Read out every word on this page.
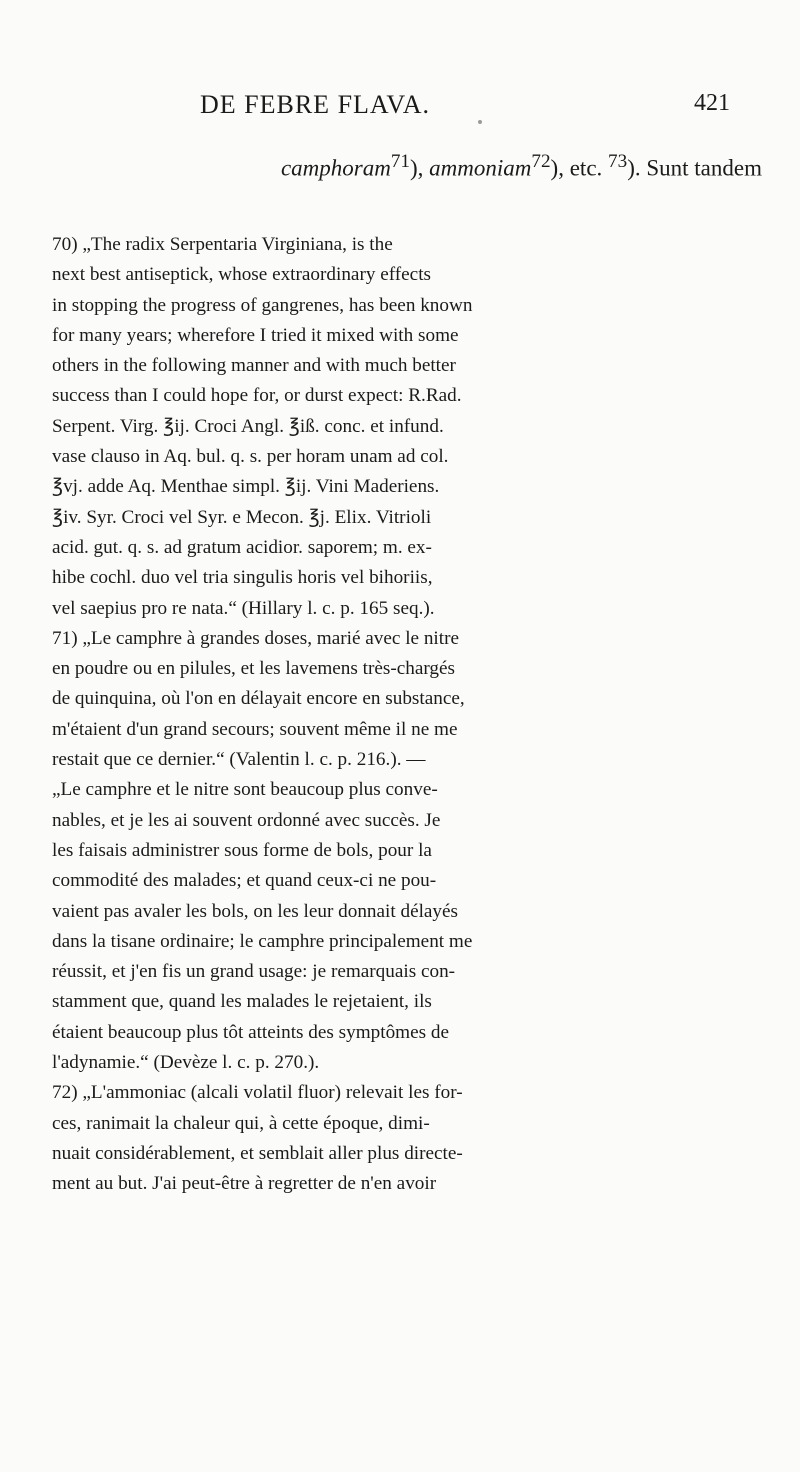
DE FEBRE FLAVA.	421

camphoram$^{71}$), ammoniam$^{72}$), etc. $^{73}$). Sunt tandem

70) „The radix Serpentaria Virginiana, is the
next best antiseptick, whose extraordinary effects
in stopping the progress of gangrenes, has been known
for many years; wherefore I tried it mixed with some
others in the following manner and with much better
success than I could hope for, or durst expect: R.Rad.
Serpent. Virg. ℥ij. Croci Angl. ℥iß. conc. et infund.
vase clauso in Aq. bul. q. s. per horam unam ad col.
℥vj. adde Aq. Menthae simpl. ℥ij. Vini Maderiens.
℥iv. Syr. Croci vel Syr. e Mecon. ℥j. Elix. Vitrioli
acid. gut. q. s. ad gratum acidior. saporem; m. ex-
hibe cochl. duo vel tria singulis horis vel bihoriis,
vel saepius pro re nata.“ (Hillary l. c. p. 165 seq.).
71) „Le camphre à grandes doses, marié avec le nitre
en poudre ou en pilules, et les lavemens très-chargés
de quinquina, où l'on en délayait encore en substance,
m'étaient d'un grand secours; souvent même il ne me
restait que ce dernier.“ (Valentin l. c. p. 216.). —
„Le camphre et le nitre sont beaucoup plus conve-
nables, et je les ai souvent ordonné avec succès. Je
les faisais administrer sous forme de bols, pour la
commodité des malades; et quand ceux-ci ne pou-
vaient pas avaler les bols, on les leur donnait délayés
dans la tisane ordinaire; le camphre principalement me
réussit, et j'en fis un grand usage: je remarquais con-
stamment que, quand les malades le rejetaient, ils
étaient beaucoup plus tôt atteints des symptômes de
l'adynamie.“ (Devèze l. c. p. 270.).
72) „L'ammoniac (alcali volatil fluor) relevait les for-
ces, ranimait la chaleur qui, à cette époque, dimi-
nuait considérablement, et semblait aller plus directe-
ment au but. J'ai peut-être à regretter de n'en avoir
